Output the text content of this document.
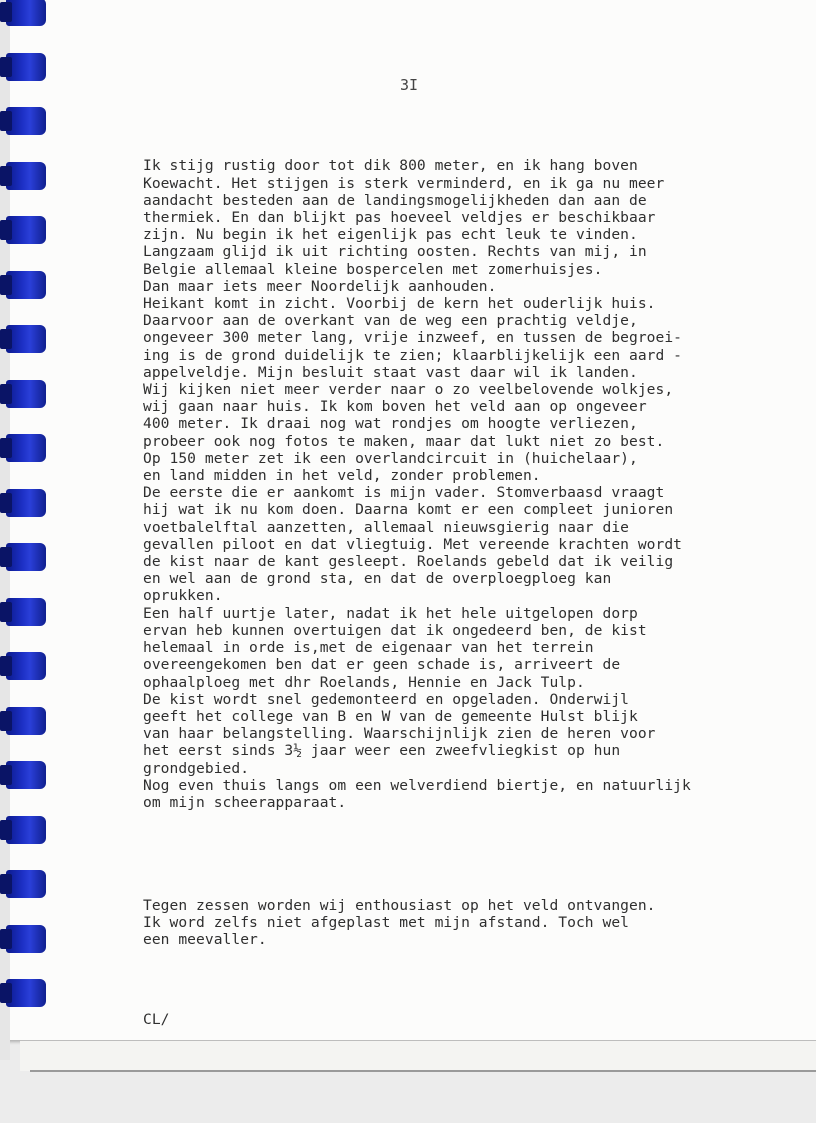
3I

Ik stijg rustig door tot dik 800 meter, en ik hang boven
Koewacht. Het stijgen is sterk verminderd, en ik ga nu meer
aandacht besteden aan de landingsmogelijkheden dan aan de
thermiek. En dan blijkt pas hoeveel veldjes er beschikbaar
zijn. Nu begin ik het eigenlijk pas echt leuk te vinden.
Langzaam glijd ik uit richting oosten. Rechts van mij, in
Belgie allemaal kleine bospercelen met zomerhuisjes.
Dan maar iets meer Noordelijk aanhouden.
Heikant komt in zicht. Voorbij de kern het ouderlijk huis.
Daarvoor aan de overkant van de weg een prachtig veldje,
ongeveer 300 meter lang, vrije inzweef, en tussen de begroei-
ing is de grond duidelijk te zien; klaarblijkelijk een aard -
appelveldje. Mijn besluit staat vast daar wil ik landen.
Wij kijken niet meer verder naar o zo veelbelovende wolkjes,
wij gaan naar huis. Ik kom boven het veld aan op ongeveer
400 meter. Ik draai nog wat rondjes om hoogte verliezen,
probeer ook nog fotos te maken, maar dat lukt niet zo best.
Op 150 meter zet ik een overlandcircuit in (huichelaar),
en land midden in het veld, zonder problemen.
De eerste die er aankomt is mijn vader. Stomverbaasd vraagt
hij wat ik nu kom doen. Daarna komt er een compleet junioren
voetbalelftal aanzetten, allemaal nieuwsgierig naar die
gevallen piloot en dat vliegtuig. Met vereende krachten wordt
de kist naar de kant gesleept. Roelands gebeld dat ik veilig
en wel aan de grond sta, en dat de overploegploeg kan
oprukken.
Een half uurtje later, nadat ik het hele uitgelopen dorp
ervan heb kunnen overtuigen dat ik ongedeerd ben, de kist
helemaal in orde is,met de eigenaar van het terrein
overeengekomen ben dat er geen schade is, arriveert de
ophaalploeg met dhr Roelands, Hennie en Jack Tulp.
De kist wordt snel gedemonteerd en opgeladen. Onderwijl
geeft het college van B en W van de gemeente Hulst blijk
van haar belangstelling. Waarschijnlijk zien de heren voor
het eerst sinds 3½ jaar weer een zweefvliegkist op hun
grondgebied.
Nog even thuis langs om een welverdiend biertje, en natuurlijk
om mijn scheerapparaat.

Tegen zessen worden wij enthousiast op het veld ontvangen.
Ik word zelfs niet afgeplast met mijn afstand. Toch wel
een meevaller.

CL/
